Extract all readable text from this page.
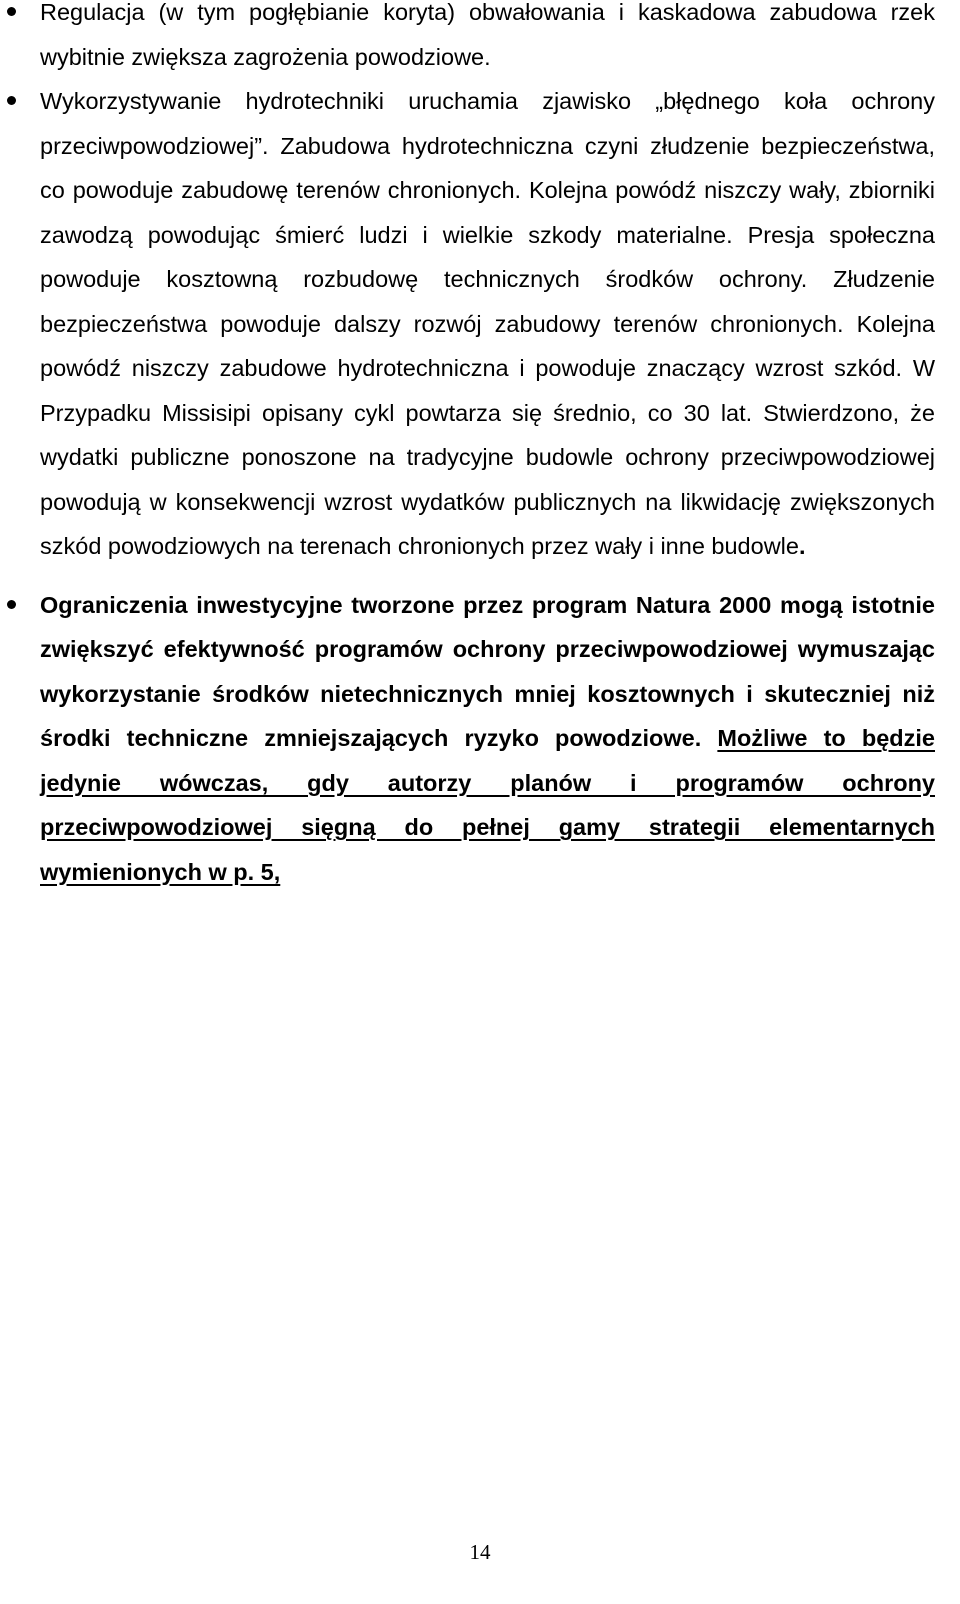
Regulacja (w tym pogłębianie koryta) obwałowania i kaskadowa zabudowa rzek wybitnie zwiększa zagrożenia powodziowe.

Wykorzystywanie hydrotechniki uruchamia zjawisko „błędnego koła ochrony przeciwpowodziowej”. Zabudowa hydrotechniczna czyni złudzenie bezpieczeństwa, co powoduje zabudowę terenów chronionych. Kolejna powódź niszczy wały, zbiorniki zawodzą powodując śmierć ludzi i wielkie szkody materialne. Presja społeczna powoduje kosztowną rozbudowę technicznych środków ochrony. Złudzenie bezpieczeństwa powoduje dalszy rozwój zabudowy terenów chronionych. Kolejna powódź niszczy zabudowe hydrotechniczna i powoduje znaczący wzrost szkód. W Przypadku Missisipi opisany cykl powtarza się średnio, co 30 lat. Stwierdzono, że wydatki publiczne ponoszone na tradycyjne budowle ochrony przeciwpowodziowej powodują w konsekwencji wzrost wydatków publicznych na likwidację zwiększonych szkód powodziowych na terenach chronionych przez wały i inne budowle.

Ograniczenia inwestycyjne tworzone przez program Natura 2000 mogą istotnie zwiększyć efektywność programów ochrony przeciwpowodziowej wymuszając wykorzystanie środków nietechnicznych mniej kosztownych i skuteczniej niż środki techniczne zmniejszających ryzyko powodziowe. Możliwe to będzie jedynie wówczas, gdy autorzy planów i programów ochrony przeciwpowodziowej sięgną do pełnej gamy strategii elementarnych wymienionych w p. 5,

14
